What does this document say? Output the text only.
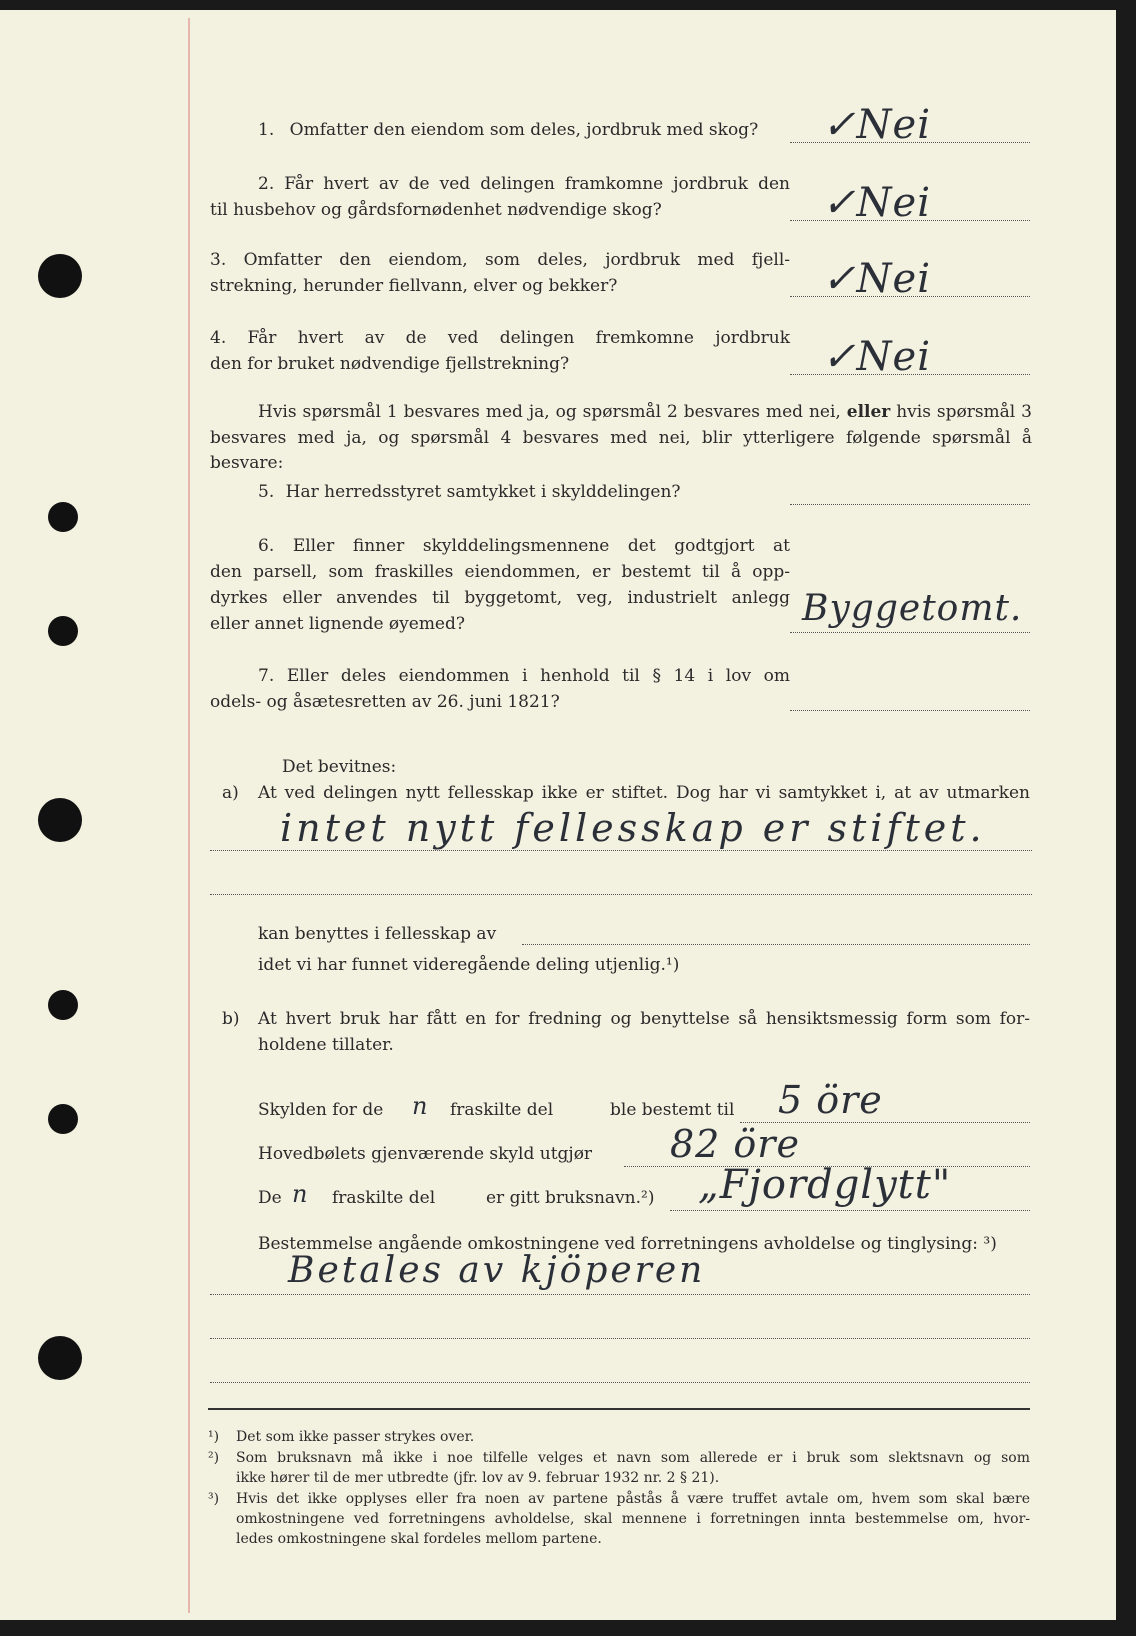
1. Omfatter den eiendom som deles, jordbruk med skog? ✓Nei
2. Får hvert av de ved delingen framkomne jordbruk den
til husbehov og gårdsfornødenhet nødvendige skog?	✓Nei
3. Omfatter den eiendom, som deles, jordbruk med fjell-
strekning, herunder fiellvann, elver og bekker?	✓Nei
4. Får hvert av de ved delingen fremkomne jordbruk
den for bruket nødvendige fjellstrekning?	✓Nei
Hvis spørsmål 1 besvares med ja, og spørsmål 2 besvares med nei, eller hvis spørsmål 3
besvares med ja, og spørsmål 4 besvares med nei, blir ytterligere følgende spørsmål å besvare:
5. Har herredsstyret samtykket i skylddelingen?
6. Eller finner skylddelingsmennene det godtgjort at
den parsell, som fraskilles eiendommen, er bestemt til å opp-
dyrkes eller anvendes til byggetomt, veg, industrielt anlegg
eller annet lignende øyemed?	Byggetomt.
7. Eller deles eiendommen i henhold til § 14 i lov om
odels- og åsætesretten av 26. juni 1821?
Det bevitnes:
a) At ved delingen nytt fellesskap ikke er stiftet. Dog har vi samtykket i, at av utmarken
intet nytt fellesskap er stiftet.
kan benyttes i fellesskap av
idet vi har funnet videregående deling utjenlig.¹)
b) At hvert bruk har fått en for fredning og benyttelse så hensiktsmessig form som for-
holdene tillater.
Skylden for de n fraskilte del	ble bestemt til 5 öre
Hovedbølets gjenværende skyld utgjør 82 öre
De n fraskilte del	er gitt bruksnavn.²) „Fjordglytt"
Bestemmelse angående omkostningene ved forretningens avholdelse og tinglysing: ³)
Betales av kjöperen
¹) Det som ikke passer strykes over.
²) Som bruksnavn må ikke i noe tilfelle velges et navn som allerede er i bruk som slektsnavn og som
ikke hører til de mer utbredte (jfr. lov av 9. februar 1932 nr. 2 § 21).
³) Hvis det ikke opplyses eller fra noen av partene påstås å være truffet avtale om, hvem som skal bære
omkostningene ved forretningens avholdelse, skal mennene i forretningen innta bestemmelse om, hvor-
ledes omkostningene skal fordeles mellom partene.
